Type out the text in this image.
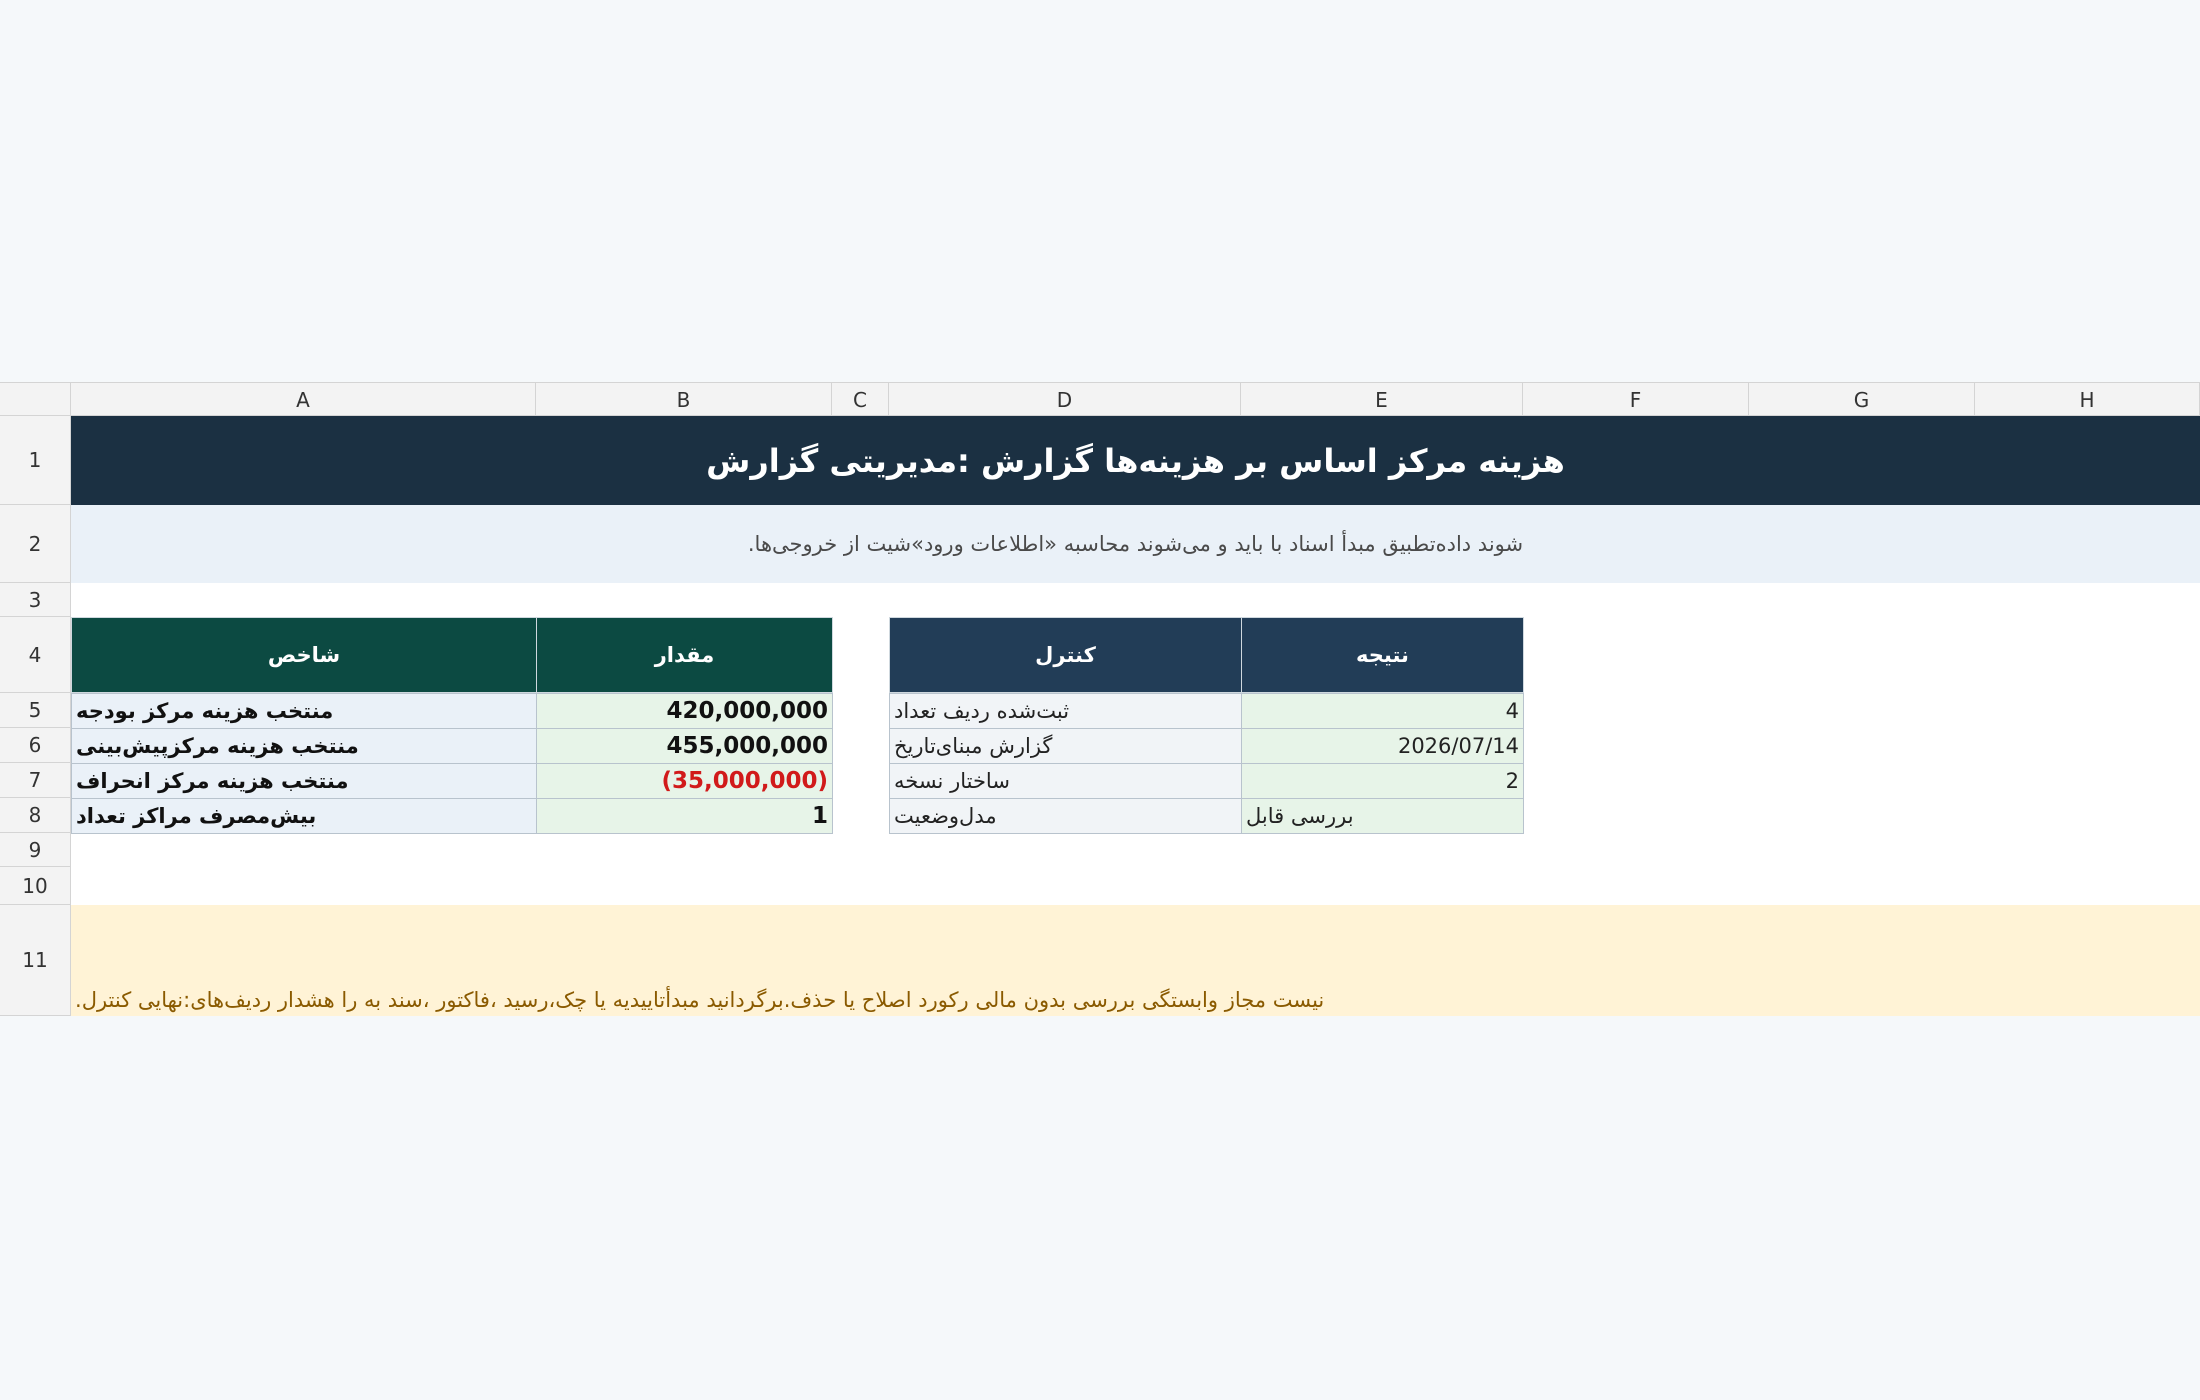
A	B	C	D	E	F	G	H
1
2
3
4
5
6
7
8
9
10
11
هزینه مرکز اساس بر هزینه‌ها گزارش :مدیریتی گزارش
.شوند داده‌تطبیق مبدأ اسناد با باید و می‌شوند محاسبه «اطلاعات ورود»شیت از خروجی‌ها
شاخص	مقدار
منتخب هزینه مرکز بودجه	420,000,000
منتخب هزینه مرکزپیش‌بینی	455,000,000
منتخب هزینه مرکز انحراف	(35,000,000)
بیش‌مصرف مراکز تعداد	1
کنترل	نتیجه
ثبت‌شده ردیف تعداد	4
گزارش مبنای‌تاریخ	2026/07/14
ساختار نسخه	2
مدل‌وضعیت	بررسی قابل
.نیست مجاز وابستگی بررسی بدون مالی رکورد اصلاح یا حذف.برگردانید مبدأتاییدیه یا چک،رسید ،فاکتور ،سند به را هشدار ردیف‌های:نهایی کنترل
